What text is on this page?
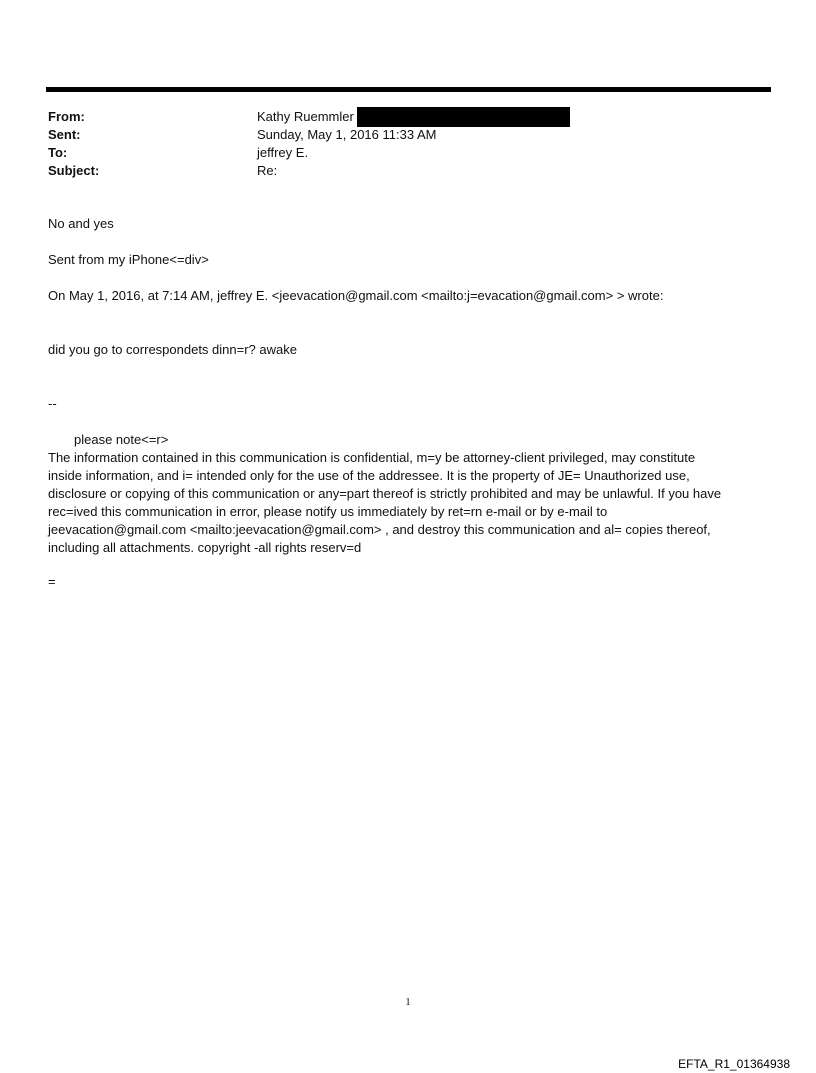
From:	Kathy Ruemmler
Sent:	Sunday, May 1, 2016 11:33 AM
To:	jeffrey E.
Subject:	Re:

No and yes

Sent from my iPhone<=div>

On May 1, 2016, at 7:14 AM, jeffrey E. <jeevacation@gmail.com <mailto:j=evacation@gmail.com> > wrote:

did you go to correspondets dinn=r? awake

--

please note<=r>
The information contained in this communication is confidential, m=y be attorney-client privileged, may constitute
inside information, and i= intended only for the use of the addressee. It is the property of JE= Unauthorized use,
disclosure or copying of this communication or any=part thereof is strictly prohibited and may be unlawful. If you have
rec=ived this communication in error, please notify us immediately by ret=rn e-mail or by e-mail to
jeevacation@gmail.com <mailto:jeevacation@gmail.com> , and destroy this communication and al= copies thereof,
including all attachments. copyright -all rights reserv=d

=

1
EFTA_R1_01364938
